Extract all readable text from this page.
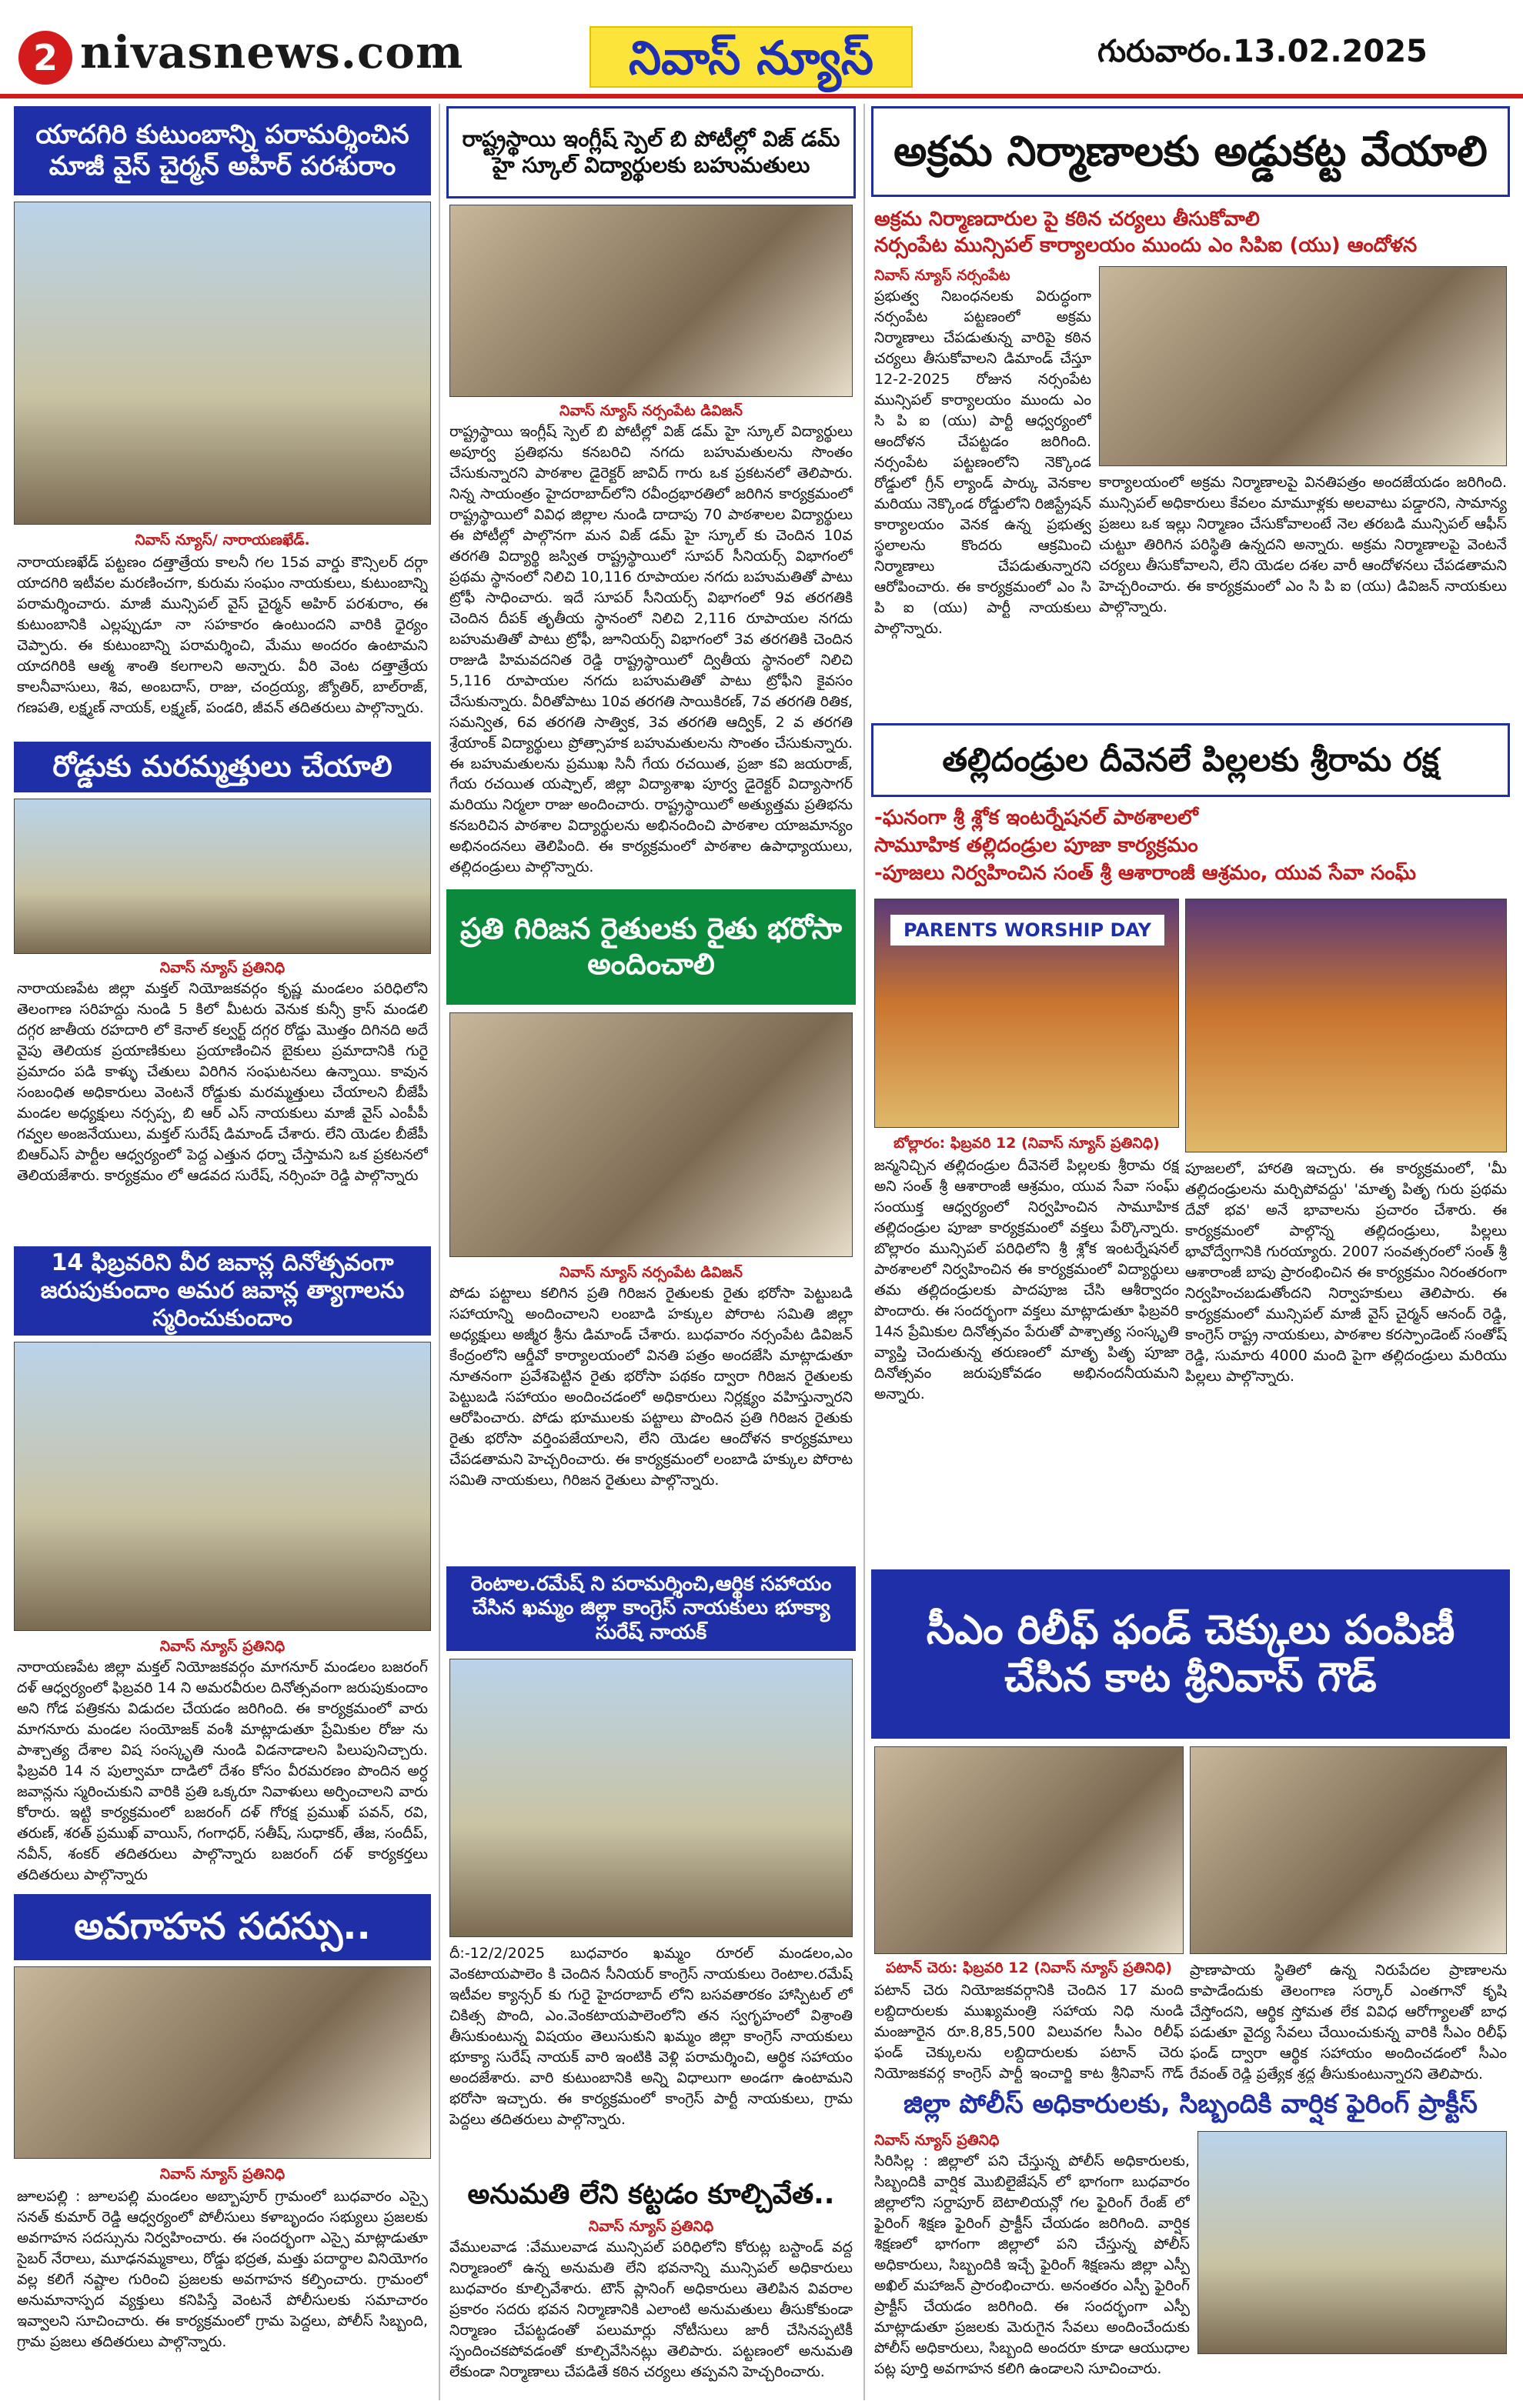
2 nivasnews.com	నివాస్ న్యూస్	గురువారం.13.02.2025
యాదగిరి కుటుంబాన్ని పరామర్శించిన మాజీ వైస్ చైర్మన్ అహిర్ పరశురాం
నివాస్ న్యూస్/ నారాయణఖేడ్.
నారాయణఖేడ్ పట్టణం దత్తాత్రేయ కాలనీ గల 15వ వార్డు కౌన్సిలర్ దర్గా యాదగిరి ఇటీవల మరణించగా, కురుమ సంఘం నాయకులు, కుటుంబాన్ని పరామర్శించారు. మాజీ మున్సిపల్ వైస్ చైర్మన్ అహిర్ పరశురాం, ఈ కుటుంబానికి ఎల్లప్పుడూ నా సహకారం ఉంటుందని వారికి ధైర్యం చెప్పారు. ఈ కుటుంబాన్ని పరామర్శించి, మేము అందరం ఉంటామని యాదగిరికి ఆత్మ శాంతి కలగాలని అన్నారు. వీరి వెంట దత్తాత్రేయ కాలనీవాసులు, శివ, అంబదాస్, రాజు, చంద్రయ్య, జ్యోతిర్, బాల్‌రాజ్, గణపతి, లక్ష్మణ్ నాయక్, లక్ష్మణ్, పండరి, జీవన్ తదితరులు పాల్గొన్నారు.
రోడ్డుకు మరమ్మత్తులు చేయాలి
నివాస్ న్యూస్ ప్రతినిధి
నారాయణపేట జిల్లా మక్తల్ నియోజకవర్గం కృష్ణ మండలం పరిధిలోని తెలంగాణ సరిహద్దు నుండి 5 కిలో మీటరు వెనుక కున్సీ క్రాస్ మండలి దగ్గర జాతీయ రహదారి లో కెనాల్ కల్వర్ట్ దగ్గర రోడ్డు మొత్తం దిగినది అదే వైపు తెలియక ప్రయాణికులు ప్రయాణించిన బైకులు ప్రమాదానికి గురై ప్రమాదం పడి కాళ్ళు చేతులు విరిగిన సంఘటనలు ఉన్నాయి. కావున సంబంధిత అధికారులు వెంటనే రోడ్డుకు మరమ్మత్తులు చేయాలని బీజేపీ మండల అధ్యక్షులు నర్సప్ప, బి ఆర్ ఎస్ నాయకులు మాజీ వైస్ ఎంపీపీ గవ్వల అంజనేయులు, మక్తల్ సురేష్ డిమాండ్ చేశారు. లేని యెడల బీజేపీ బిఆర్ఎస్ పార్టీల ఆధ్వర్యంలో పెద్ద ఎత్తున ధర్నా చేస్తామని ఒక ప్రకటనలో తెలియజేశారు. కార్యక్రమం లో ఆడవద సురేష్, నర్సింహ రెడ్డి పాల్గొన్నారు
14 ఫిబ్రవరిని వీర జవాన్ల దినోత్సవంగా జరుపుకుందాం అమర జవాన్ల త్యాగాలను స్మరించుకుందాం
నివాస్ న్యూస్ ప్రతినిధి
నారాయణపేట జిల్లా మక్తల్ నియోజకవర్గం మాగనూర్ మండలం బజరంగ్ దళ్ ఆధ్వర్యంలో ఫిబ్రవరి 14 ని అమరవీరుల దినోత్సవంగా జరుపుకుందాం అని గోడ పత్రికను విడుదల చేయడం జరిగింది. ఈ కార్యక్రమంలో వారు మాగనూరు మండల సంయోజక్ వంశీ మాట్లాడుతూ ప్రేమికుల రోజు ను పాశ్చాత్య దేశాల విష సంస్కృతి నుండి విడనాడాలని పిలుపునిచ్చారు. ఫిబ్రవరి 14 న పుల్వామా దాడిలో దేశం కోసం వీరమరణం పొందిన అర్ధ జవాన్లను స్మరించుకుని వారికి ప్రతి ఒక్కరూ నివాళులు అర్పించాలని వారు కోరారు. ఇట్టి కార్యక్రమంలో బజరంగ్ దళ్ గోరక్ష ప్రముఖ్ పవన్, రవి, తరుణ్, శరత్ ప్రముఖ్ వాయిస్, గంగాధర్, సతీష్, సుధాకర్, తేజ, సందీప్, నవీన్, శంకర్ తదితరులు పాల్గొన్నారు బజరంగ్ దళ్ కార్యకర్తలు తదితరులు పాల్గొన్నారు
అవగాహన సదస్సు..
నివాస్ న్యూస్ ప్రతినిధి
జూలపల్లి : జూలపల్లి మండలం అబ్బాపూర్ గ్రామంలో బుధవారం ఎస్సై సనత్ కుమార్ రెడ్డి ఆధ్వర్యంలో పోలీసులు కళాబృందం సభ్యులు ప్రజలకు అవగాహన సదస్సును నిర్వహించారు. ఈ సందర్భంగా ఎస్సై మాట్లాడుతూ సైబర్ నేరాలు, మూఢనమ్మకాలు, రోడ్డు భద్రత, మత్తు పదార్థాల వినియోగం వల్ల కలిగే నష్టాల గురించి ప్రజలకు అవగాహన కల్పించారు. గ్రామంలో అనుమానాస్పద వ్యక్తులు కనిపిస్తే వెంటనే పోలీసులకు సమాచారం ఇవ్వాలని సూచించారు. ఈ కార్యక్రమంలో గ్రామ పెద్దలు, పోలీస్ సిబ్బంది, గ్రామ ప్రజలు తదితరులు పాల్గొన్నారు.
రాష్ట్రస్థాయి ఇంగ్లీష్ స్పెల్ బి పోటీల్లో విజ్ డమ్ హై స్కూల్ విద్యార్థులకు బహుమతులు
నివాస్ న్యూస్ నర్సంపేట డివిజన్
రాష్ట్రస్థాయి ఇంగ్లీష్ స్పెల్ బి పోటీల్లో విజ్ డమ్ హై స్కూల్ విద్యార్థులు అపూర్వ ప్రతిభను కనబరిచి నగదు బహుమతులను సొంతం చేసుకున్నారని పాఠశాల డైరెక్టర్ జావిద్ గారు ఒక ప్రకటనలో తెలిపారు. నిన్న సాయంత్రం హైదరాబాద్‌లోని రవీంద్రభారతిలో జరిగిన కార్యక్రమంలో రాష్ట్రస్థాయిలో వివిధ జిల్లాల నుండి దాదాపు 70 పాఠశాలల విద్యార్థులు ఈ పోటీల్లో పాల్గొనగా మన విజ్ డమ్ హై స్కూల్ కు చెందిన 10వ తరగతి విద్యార్థి జస్విత రాష్ట్రస్థాయిలో సూపర్ సీనియర్స్ విభాగంలో ప్రథమ స్థానంలో నిలిచి 10,116 రూపాయల నగదు బహుమతితో పాటు ట్రోఫీ సాధించారు. ఇదే సూపర్ సీనియర్స్ విభాగంలో 9వ తరగతికి చెందిన దీపక్ తృతీయ స్థానంలో నిలిచి 2,116 రూపాయల నగదు బహుమతితో పాటు ట్రోఫీ, జూనియర్స్ విభాగంలో 3వ తరగతికి చెందిన రాజుడి హిమవదనిత రెడ్డి రాష్ట్రస్థాయిలో ద్వితీయ స్థానంలో నిలిచి 5,116 రూపాయల నగదు బహుమతితో పాటు ట్రోఫీని కైవసం చేసుకున్నారు. వీరితోపాటు 10వ తరగతి సాయికిరణ్, 7వ తరగతి రితిక, సమన్విత, 6వ తరగతి సాత్విక, 3వ తరగతి ఆద్విక్, 2 వ తరగతి శ్రేయాంక్ విద్యార్థులు ప్రోత్సాహక బహుమతులను సొంతం చేసుకున్నారు. ఈ బహుమతులను ప్రముఖ సినీ గేయ రచయిత, ప్రజా కవి జయరాజ్, గేయ రచయిత యష్పాల్, జిల్లా విద్యాశాఖ పూర్వ డైరెక్టర్ విద్యాసాగర్ మరియు నిర్మలా రాజు అందించారు. రాష్ట్రస్థాయిలో అత్యుత్తమ ప్రతిభను కనబరిచిన పాఠశాల విద్యార్థులను అభినందించి పాఠశాల యాజమాన్యం అభినందనలు తెలిపింది. ఈ కార్యక్రమంలో పాఠశాల ఉపాధ్యాయులు, తల్లిదండ్రులు పాల్గొన్నారు.
ప్రతి గిరిజన రైతులకు రైతు భరోసా అందించాలి
నివాస్ న్యూస్ నర్సంపేట డివిజన్
పోడు పట్టాలు కలిగిన ప్రతి గిరిజన రైతులకు రైతు భరోసా పెట్టుబడి సహాయాన్ని అందించాలని లంబాడి హక్కుల పోరాట సమితి జిల్లా అధ్యక్షులు అజ్మీర శ్రీను డిమాండ్ చేశారు. బుధవారం నర్సంపేట డివిజన్ కేంద్రంలోని ఆర్డీవో కార్యాలయంలో వినతి పత్రం అందజేసి మాట్లాడుతూ నూతనంగా ప్రవేశపెట్టిన రైతు భరోసా పథకం ద్వారా గిరిజన రైతులకు పెట్టుబడి సహాయం అందించడంలో అధికారులు నిర్లక్ష్యం వహిస్తున్నారని ఆరోపించారు. పోడు భూములకు పట్టాలు పొందిన ప్రతి గిరిజన రైతుకు రైతు భరోసా వర్తింపజేయాలని, లేని యెడల ఆందోళన కార్యక్రమాలు చేపడతామని హెచ్చరించారు. ఈ కార్యక్రమంలో లంబాడి హక్కుల పోరాట సమితి నాయకులు, గిరిజన రైతులు పాల్గొన్నారు.
రెంటాల.రమేష్ ని పరామర్శించి,ఆర్థిక సహాయం చేసిన ఖమ్మం జిల్లా కాంగ్రెస్ నాయకులు భూక్యా సురేష్ నాయక్
దీ:-12/2/2025 బుధవారం ఖమ్మం రూరల్ మండలం,ఎం వెంకటాయపాలెం కి చెందిన సీనియర్ కాంగ్రెస్ నాయకులు రెంటాల.రమేష్ ఇటీవల క్యాన్సర్ కు గురై హైదరాబాద్ లోని బసవతారకం హాస్పిటల్ లో చికిత్స పొంది, ఎం.వెంకటాయపాలెంలోని తన స్వగృహంలో విశ్రాంతి తీసుకుంటున్న విషయం తెలుసుకుని ఖమ్మం జిల్లా కాంగ్రెస్ నాయకులు భూక్యా సురేష్ నాయక్ వారి ఇంటికి వెళ్లి పరామర్శించి, ఆర్థిక సహాయం అందజేశారు. వారి కుటుంబానికి అన్ని విధాలుగా అండగా ఉంటామని భరోసా ఇచ్చారు. ఈ కార్యక్రమంలో కాంగ్రెస్ పార్టీ నాయకులు, గ్రామ పెద్దలు తదితరులు పాల్గొన్నారు.
అనుమతి లేని కట్టడం కూల్చివేత..
నివాస్ న్యూస్ ప్రతినిధి
వేములవాడ :వేములవాడ మున్సిపల్ పరిధిలోని కోరుట్ల బస్టాండ్ వద్ద నిర్మాణంలో ఉన్న అనుమతి లేని భవనాన్ని మున్సిపల్ అధికారులు బుధవారం కూల్చివేశారు. టౌన్ ప్లానింగ్ అధికారులు తెలిపిన వివరాల ప్రకారం సదరు భవన నిర్మాణానికి ఎలాంటి అనుమతులు తీసుకోకుండా నిర్మాణం చేపట్టడంతో పలుమార్లు నోటీసులు జారీ చేసినప్పటికీ స్పందించకపోవడంతో కూల్చివేసినట్లు తెలిపారు. పట్టణంలో అనుమతి లేకుండా నిర్మాణాలు చేపడితే కఠిన చర్యలు తప్పవని హెచ్చరించారు.
అక్రమ నిర్మాణాలకు అడ్డుకట్ట వేయాలి
అక్రమ నిర్మాణదారుల పై కఠిన చర్యలు తీసుకోవాలి
నర్సంపేట మున్సిపల్ కార్యాలయం ముందు ఎం సిపిఐ (యు) ఆందోళన
నివాస్ న్యూస్ నర్సంపేట
ప్రభుత్వ నిబంధనలకు విరుద్ధంగా నర్సంపేట పట్టణంలో అక్రమ నిర్మాణాలు చేపడుతున్న వారిపై కఠిన చర్యలు తీసుకోవాలని డిమాండ్ చేస్తూ 12-2-2025 రోజున నర్సంపేట మున్సిపల్ కార్యాలయం ముందు ఎం సి పి ఐ (యు) పార్టీ ఆధ్వర్యంలో ఆందోళన చేపట్టడం జరిగింది. నర్సంపేట పట్టణంలోని నెక్కొండ రోడ్డులో గ్రీన్ ల్యాండ్ పార్కు వెనకాల మరియు నెక్కొండ రోడ్డులోని రిజిస్ట్రేషన్ కార్యాలయం వెనక ఉన్న ప్రభుత్వ స్థలాలను కొందరు ఆక్రమించి నిర్మాణాలు చేపడుతున్నారని ఆరోపించారు. ఈ కార్యక్రమంలో ఎం సి పి ఐ (యు) పార్టీ నాయకులు పాల్గొన్నారు.
కార్యాలయంలో అక్రమ నిర్మాణాలపై వినతిపత్రం అందజేయడం జరిగింది. మున్సిపల్ అధికారులు కేవలం మామూళ్లకు అలవాటు పడ్డారని, సామాన్య ప్రజలు ఒక ఇల్లు నిర్మాణం చేసుకోవాలంటే నెల తరబడి మున్సిపల్ ఆఫీస్ చుట్టూ తిరిగిన పరిస్థితి ఉన్నదని అన్నారు. అక్రమ నిర్మాణాలపై వెంటనే చర్యలు తీసుకోవాలని, లేని యెడల దశల వారీ ఆందోళనలు చేపడతామని హెచ్చరించారు. ఈ కార్యక్రమంలో ఎం సి పి ఐ (యు) డివిజన్ నాయకులు పాల్గొన్నారు.
తల్లిదండ్రుల దీవెనలే పిల్లలకు శ్రీరామ రక్ష
-ఘనంగా శ్రీ శ్లోక ఇంటర్నేషనల్ పాఠశాలలో
సామూహిక తల్లిదండ్రుల పూజా కార్యక్రమం
-పూజలు నిర్వహించిన సంత్ శ్రీ ఆశారాంజీ ఆశ్రమం, యువ సేవా సంఘ్
PARENTS WORSHIP DAY
బోల్లారం: ఫిబ్రవరి 12 (నివాస్ న్యూస్ ప్రతినిధి)
జన్మనిచ్చిన తల్లిదండ్రుల దీవెనలే పిల్లలకు శ్రీరామ రక్ష అని సంత్ శ్రీ ఆశారాంజీ ఆశ్రమం, యువ సేవా సంఘ్ సంయుక్త ఆధ్వర్యంలో నిర్వహించిన సామూహిక తల్లిదండ్రుల పూజా కార్యక్రమంలో వక్తలు పేర్కొన్నారు. బొల్లారం మున్సిపల్ పరిధిలోని శ్రీ శ్లోక ఇంటర్నేషనల్ పాఠశాలలో నిర్వహించిన ఈ కార్యక్రమంలో విద్యార్థులు తమ తల్లిదండ్రులకు పాదపూజ చేసి ఆశీర్వాదం పొందారు. ఈ సందర్భంగా వక్తలు మాట్లాడుతూ ఫిబ్రవరి 14న ప్రేమికుల దినోత్సవం పేరుతో పాశ్చాత్య సంస్కృతి వ్యాప్తి చెందుతున్న తరుణంలో మాతృ పితృ పూజా దినోత్సవం జరుపుకోవడం అభినందనీయమని అన్నారు.
పూజలలో, హారతి ఇచ్చారు. ఈ కార్యక్రమంలో, 'మీ తల్లిదండ్రులను మర్చిపోవద్దు' 'మాతృ పితృ గురు ప్రథమ దేవో భవ' అనే భావాలను ప్రచారం చేశారు. ఈ కార్యక్రమంలో పాల్గొన్న తల్లిదండ్రులు, పిల్లలు భావోద్వేగానికి గురయ్యారు. 2007 సంవత్సరంలో సంత్ శ్రీ ఆశారాంజీ బాపు ప్రారంభించిన ఈ కార్యక్రమం నిరంతరంగా నిర్వహించబడుతోందని నిర్వాహకులు తెలిపారు. ఈ కార్యక్రమంలో మున్సిపల్ మాజీ వైస్ చైర్మన్ ఆనంద్ రెడ్డి, కాంగ్రెస్ రాష్ట్ర నాయకులు, పాఠశాల కరస్పాండెంట్ సంతోష్ రెడ్డి, సుమారు 4000 మంది పైగా తల్లిదండ్రులు మరియు పిల్లలు పాల్గొన్నారు.
సీఎం రిలీఫ్ ఫండ్ చెక్కులు పంపిణీ చేసిన కాట శ్రీనివాస్ గౌడ్
పటాన్ చెరు: ఫిబ్రవరి 12 (నివాస్ న్యూస్ ప్రతినిధి)
పటాన్ చెరు నియోజకవర్గానికి చెందిన 17 మంది లబ్దిదారులకు ముఖ్యమంత్రి సహాయ నిధి నుండి మంజూరైన రూ.8,85,500 విలువగల సీఎం రిలీఫ్ ఫండ్ చెక్కులను లబ్దిదారులకు పటాన్ చెరు నియోజకవర్గ కాంగ్రెస్ పార్టీ ఇంచార్జి కాట శ్రీనివాస్ గౌడ్
ప్రాణాపాయ స్థితిలో ఉన్న నిరుపేదల ప్రాణాలను కాపాడేందుకు తెలంగాణ సర్కార్ ఎంతగానో కృషి చేస్తోందని, ఆర్థిక స్తోమత లేక వివిధ ఆరోగ్యాలతో బాధ పడుతూ వైద్య సేవలు చేయించుకున్న వారికి సీఎం రిలీఫ్ ఫండ్ ద్వారా ఆర్థిక సహాయం అందించడంలో సీఎం రేవంత్ రెడ్డి ప్రత్యేక శ్రద్ధ తీసుకుంటున్నారని తెలిపారు.
జిల్లా పోలీస్ అధికారులకు, సిబ్బందికి వార్షిక ఫైరింగ్ ప్రాక్టీస్
నివాస్ న్యూస్ ప్రతినిధి
సిరిసిల్ల : జిల్లాలో పని చేస్తున్న పోలీస్ అధికారులకు, సిబ్బందికి వార్షిక మొబిలైజేషన్ లో భాగంగా బుధవారం జిల్లాలోని సర్దాపూర్ బెటాలియన్లో గల ఫైరింగ్ రేంజ్ లో ఫైరింగ్ శిక్షణ ఫైరింగ్ ప్రాక్టీస్ చేయడం జరిగింది. వార్షిక శిక్షణలో భాగంగా జిల్లాలో పని చేస్తున్న పోలీస్ అధికారులు, సిబ్బందికి ఇచ్చే ఫైరింగ్ శిక్షణను జిల్లా ఎస్పీ అఖిల్ మహాజన్ ప్రారంభించారు. అనంతరం ఎస్పీ ఫైరింగ్ ప్రాక్టీస్ చేయడం జరిగింది. ఈ సందర్భంగా ఎస్పీ మాట్లాడుతూ ప్రజలకు మెరుగైన సేవలు అందించేందుకు పోలీస్ అధికారులు, సిబ్బంది అందరూ కూడా ఆయుధాల పట్ల పూర్తి అవగాహన కలిగి ఉండాలని సూచించారు.
